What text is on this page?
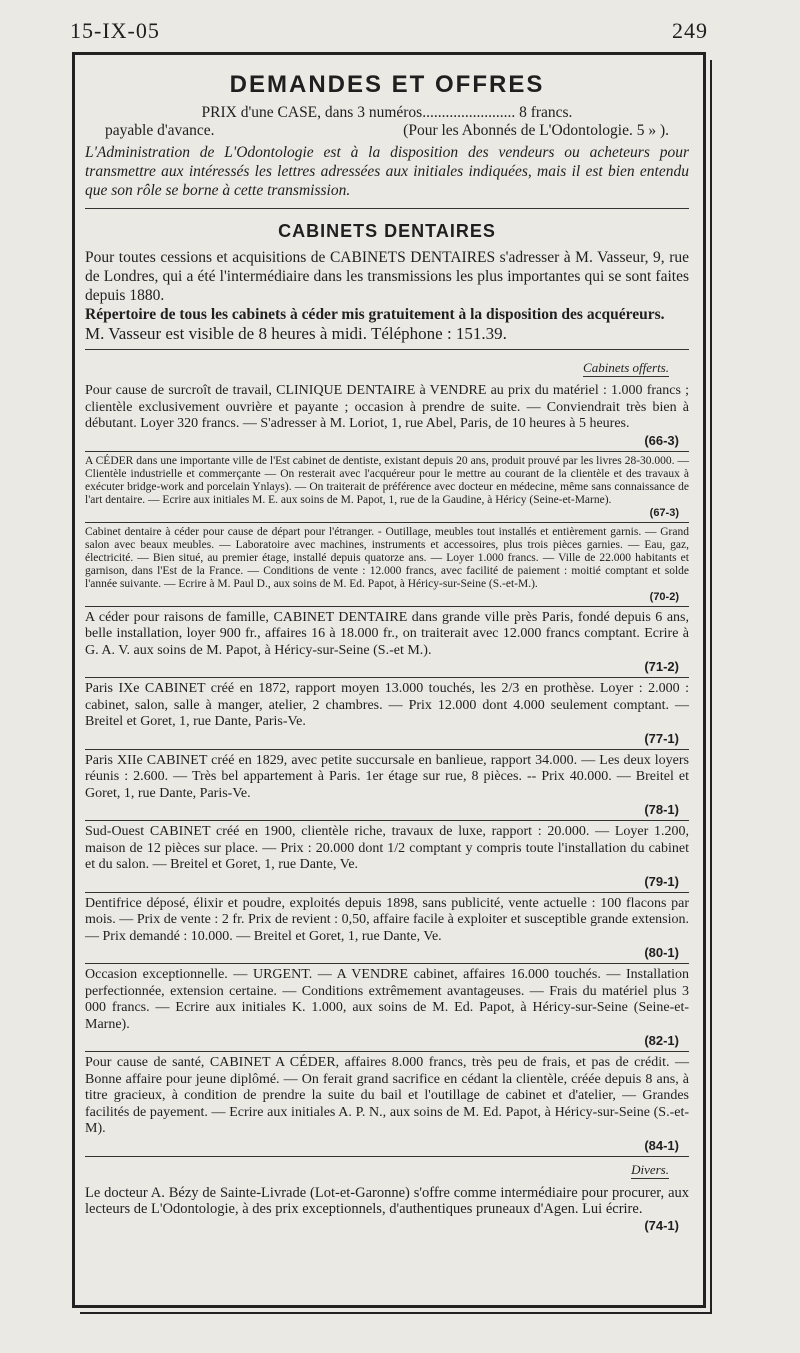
15-IX-05	249
DEMANDES ET OFFRES

PRIX d'une CASE, dans 3 numéros........................ 8 francs.

payable d'avance.	(Pour les Abonnés de L'Odontologie. 5 » ).

L'Administration de L'Odontologie est à la disposition des vendeurs ou acheteurs pour transmettre aux intéressés les lettres adressées aux initiales indiquées, mais il est bien entendu que son rôle se borne à cette transmission.

CABINETS DENTAIRES

Pour toutes cessions et acquisitions de CABINETS DENTAIRES s'adresser à M. Vasseur, 9, rue de Londres, qui a été l'intermédiaire dans les transmissions les plus importantes qui se sont faites depuis 1880.

Répertoire de tous les cabinets à céder mis gratuitement à la disposition des acquéreurs.

M. Vasseur est visible de 8 heures à midi. Téléphone : 151.39.

Cabinets offerts.

Pour cause de surcroît de travail, CLINIQUE DENTAIRE à VENDRE au prix du matériel : 1.000 francs ; clientèle exclusivement ouvrière et payante ; occasion à prendre de suite. — Conviendrait très bien à débutant. Loyer 320 francs. — S'adresser à M. Loriot, 1, rue Abel, Paris, de 10 heures à 5 heures.

(66-3)

A CÉDER dans une importante ville de l'Est cabinet de dentiste, existant depuis 20 ans, produit prouvé par les livres 28-30.000. — Clientèle industrielle et commerçante — On resterait avec l'acquéreur pour le mettre au courant de la clientèle et des travaux à exécuter bridge-work and porcelain Ynlays). — On traiterait de préférence avec docteur en médecine, même sans connaissance de l'art dentaire. — Ecrire aux initiales M. E. aux soins de M. Papot, 1, rue de la Gaudine, à Héricy (Seine-et-Marne).

(67-3)

Cabinet dentaire à céder pour cause de départ pour l'étranger. - Outillage, meubles tout installés et entièrement garnis. — Grand salon avec beaux meubles. — Laboratoire avec machines, instruments et accessoires, plus trois pièces garnies. — Eau, gaz, électricité. — Bien situé, au premier étage, installé depuis quatorze ans. — Loyer 1.000 francs. — Ville de 22.000 habitants et garnison, dans l'Est de la France. — Conditions de vente : 12.000 francs, avec facilité de paiement : moitié comptant et solde l'année suivante. — Ecrire à M. Paul D., aux soins de M. Ed. Papot, à Héricy-sur-Seine (S.-et-M.).

(70-2)

A céder pour raisons de famille, CABINET DENTAIRE dans grande ville près Paris, fondé depuis 6 ans, belle installation, loyer 900 fr., affaires 16 à 18.000 fr., on traiterait avec 12.000 francs comptant. Ecrire à G. A. V. aux soins de M. Papot, à Héricy-sur-Seine (S.-et M.).

(71-2)

Paris IXe CABINET créé en 1872, rapport moyen 13.000 touchés, les 2/3 en prothèse. Loyer : 2.000 : cabinet, salon, salle à manger, atelier, 2 chambres. — Prix 12.000 dont 4.000 seulement comptant. — Breitel et Goret, 1, rue Dante, Paris-Ve.

(77-1)

Paris XIIe CABINET créé en 1829, avec petite succursale en banlieue, rapport 34.000. — Les deux loyers réunis : 2.600. — Très bel appartement à Paris. 1er étage sur rue, 8 pièces. -- Prix 40.000. — Breitel et Goret, 1, rue Dante, Paris-Ve.

(78-1)

Sud-Ouest CABINET créé en 1900, clientèle riche, travaux de luxe, rapport : 20.000. — Loyer 1.200, maison de 12 pièces sur place. — Prix : 20.000 dont 1/2 comptant y compris toute l'installation du cabinet et du salon. — Breitel et Goret, 1, rue Dante, Ve.

(79-1)

Dentifrice déposé, élixir et poudre, exploités depuis 1898, sans publicité, vente actuelle : 100 flacons par mois. — Prix de vente : 2 fr. Prix de revient : 0,50, affaire facile à exploiter et susceptible grande extension. — Prix demandé : 10.000. — Breitel et Goret, 1, rue Dante, Ve.

(80-1)

Occasion exceptionnelle. — URGENT. — A VENDRE cabinet, affaires 16.000 touchés. — Installation perfectionnée, extension certaine. — Conditions extrêmement avantageuses. — Frais du matériel plus 3 000 francs. — Ecrire aux initiales K. 1.000, aux soins de M. Ed. Papot, à Héricy-sur-Seine (Seine-et-Marne).

(82-1)

Pour cause de santé, CABINET A CÉDER, affaires 8.000 francs, très peu de frais, et pas de crédit. — Bonne affaire pour jeune diplômé. — On ferait grand sacrifice en cédant la clientèle, créée depuis 8 ans, à titre gracieux, à condition de prendre la suite du bail et l'outillage de cabinet et d'atelier, — Grandes facilités de payement. — Ecrire aux initiales A. P. N., aux soins de M. Ed. Papot, à Héricy-sur-Seine (S.-et-M).

(84-1)
Divers.

Le docteur A. Bézy de Sainte-Livrade (Lot-et-Garonne) s'offre comme intermédiaire pour procurer, aux lecteurs de L'Odontologie, à des prix exceptionnels, d'authentiques pruneaux d'Agen. Lui écrire.

(74-1)
